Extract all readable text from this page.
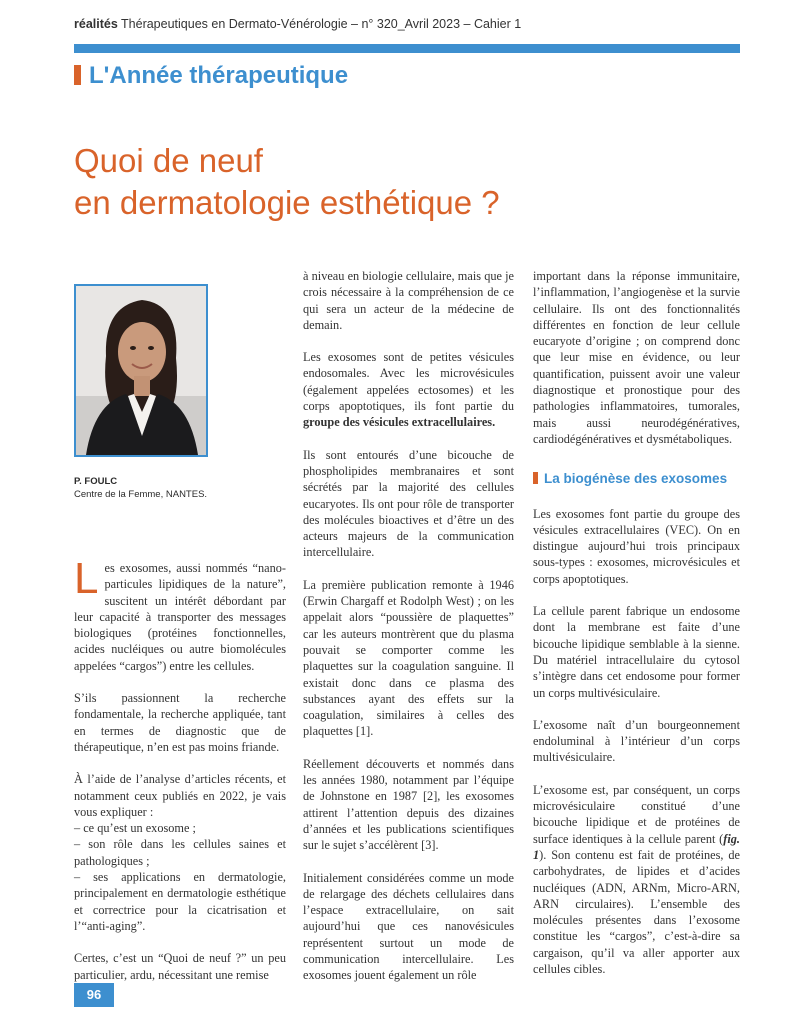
réalités Thérapeutiques en Dermato-Vénérologie – n° 320_Avril 2023 – Cahier 1
L'Année thérapeutique
Quoi de neuf
en dermatologie esthétique ?
P. FOULC
Centre de la Femme, NANTES.

Les exosomes, aussi nommés “nano-particules lipidiques de la nature”, suscitent un intérêt débordant par leur capacité à transporter des messages biologiques (protéines fonctionnelles, acides nucléiques ou autre biomolécules appelées “cargos”) entre les cellules.

S’ils passionnent la recherche fondamentale, la recherche appliquée, tant en termes de diagnostic que de thérapeutique, n’en est pas moins friande.

À l’aide de l’analyse d’articles récents, et notamment ceux publiés en 2022, je vais vous expliquer :
– ce qu’est un exosome ;
– son rôle dans les cellules saines et pathologiques ;
– ses applications en dermatologie, principalement en dermatologie esthétique et correctrice pour la cicatrisation et l’“anti-aging”.

Certes, c’est un “Quoi de neuf ?” un peu particulier, ardu, nécessitant une remise

à niveau en biologie cellulaire, mais que je crois nécessaire à la compréhension de ce qui sera un acteur de la médecine de demain.

Les exosomes sont de petites vésicules endosomales. Avec les microvésicules (également appelées ectosomes) et les corps apoptotiques, ils font partie du groupe des vésicules extracellulaires.

Ils sont entourés d’une bicouche de phospholipides membranaires et sont sécrétés par la majorité des cellules eucaryotes. Ils ont pour rôle de transporter des molécules bioactives et d’être un des acteurs majeurs de la communication intercellulaire.

La première publication remonte à 1946 (Erwin Chargaff et Rodolph West) ; on les appelait alors “poussière de plaquettes” car les auteurs montrèrent que du plasma pouvait se comporter comme les plaquettes sur la coagulation sanguine. Il existait donc dans ce plasma des substances ayant des effets sur la coagulation, similaires à celles des plaquettes [1].

Réellement découverts et nommés dans les années 1980, notamment par l’équipe de Johnstone en 1987 [2], les exosomes attirent l’attention depuis des dizaines d’années et les publications scientifiques sur le sujet s’accélèrent [3].

Initialement considérées comme un mode de relargage des déchets cellulaires dans l’espace extracellulaire, on sait aujourd’hui que ces nanovésicules représentent surtout un mode de communication intercellulaire. Les exosomes jouent également un rôle

important dans la réponse immunitaire, l’inflammation, l’angiogenèse et la survie cellulaire. Ils ont des fonctionnalités différentes en fonction de leur cellule eucaryote d’origine ; on comprend donc que leur mise en évidence, ou leur quantification, puissent avoir une valeur diagnostique et pronostique pour des pathologies inflammatoires, tumorales, mais aussi neurodégénératives, cardiodégénératives et dysmétaboliques.

La biogénèse des exosomes

Les exosomes font partie du groupe des vésicules extracellulaires (VEC). On en distingue aujourd’hui trois principaux sous-types : exosomes, microvésicules et corps apoptotiques.

La cellule parent fabrique un endosome dont la membrane est faite d’une bicouche lipidique semblable à la sienne. Du matériel intracellulaire du cytosol s’intègre dans cet endosome pour former un corps multivésiculaire.

L’exosome naît d’un bourgeonnement endoluminal à l’intérieur d’un corps multivésiculaire.

L’exosome est, par conséquent, un corps microvésiculaire constitué d’une bicouche lipidique et de protéines de surface identiques à la cellule parent (fig. 1). Son contenu est fait de protéines, de carbohydrates, de lipides et d’acides nucléiques (ADN, ARNm, Micro-ARN, ARN circulaires). L’ensemble des molécules présentes dans l’exosome constitue les “cargos”, c’est-à-dire sa cargaison, qu’il va aller apporter aux cellules cibles.

96
